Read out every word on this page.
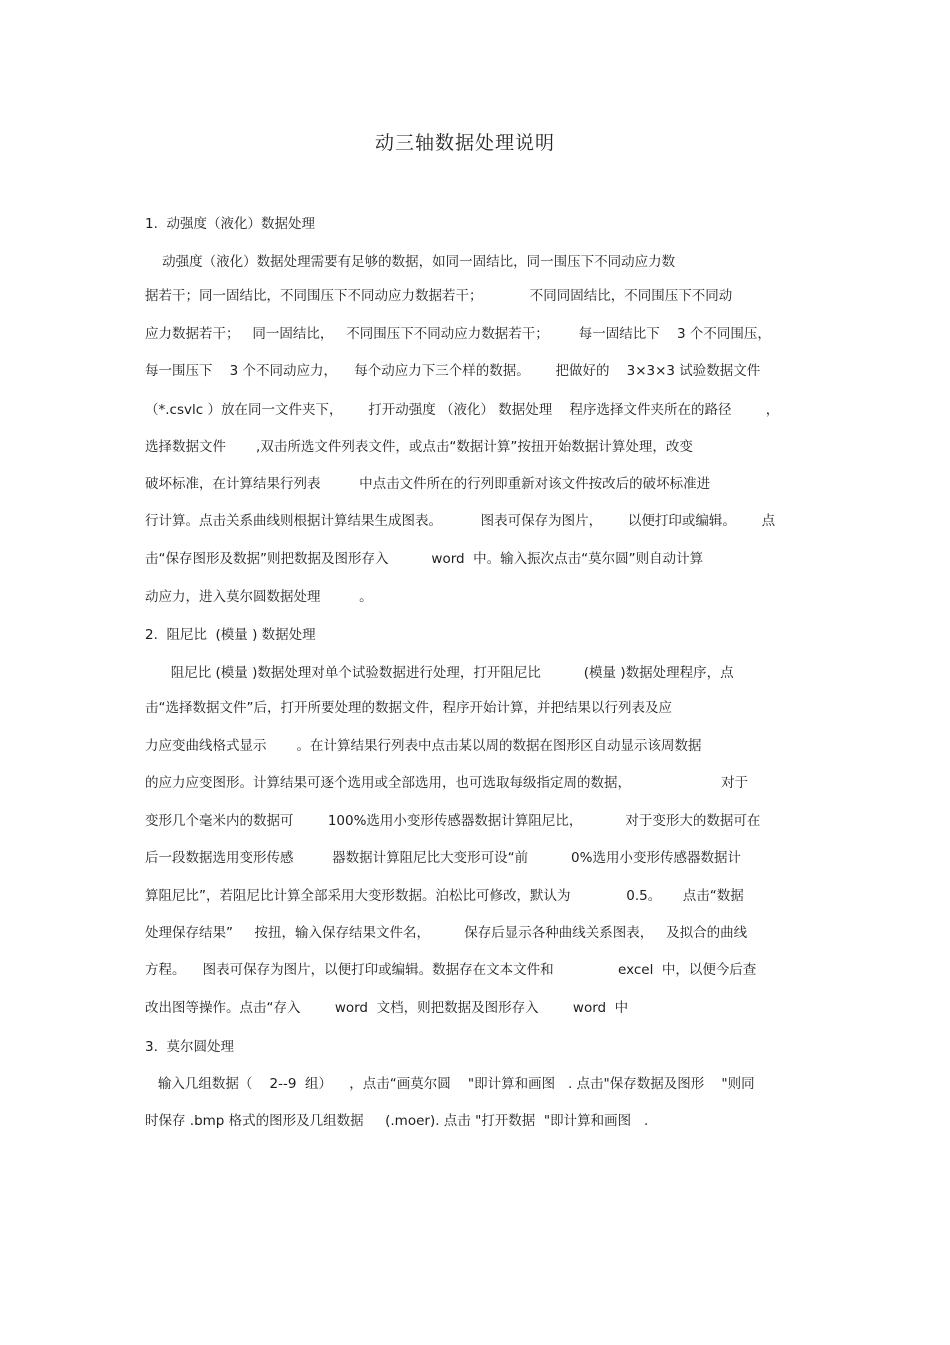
动三轴数据处理说明
1.  动强度（液化）数据处理
动强度（液化）数据处理需要有足够的数据，如同一固结比，同一围压下不同动应力数
据若干；同一固结比，不同围压下不同动应力数据若干；           不同同固结比，不同围压下不同动
应力数据若干；   同一固结比，   不同围压下不同动应力数据若干；       每一固结比下    3 个不同围压，
每一围压下    3 个不同动应力，    每个动应力下三个样的数据。      把做好的    3×3×3 试验数据文件
（*.csvlc ）放在同一文件夹下，      打开动强度 （液化） 数据处理    程序选择文件夹所在的路径        ，
选择数据文件       ,双击所选文件列表文件，或点击“数据计算”按扭开始数据计算处理，改变
破坏标准，在计算结果行列表         中点击文件所在的行列即重新对该文件按改后的破坏标准进
行计算。点击关系曲线则根据计算结果生成图表。         图表可保存为图片，      以便打印或编辑。      点
击“保存图形及数据”则把数据及图形存入          word  中。输入振次点击“莫尔圆”则自动计算
动应力，进入莫尔圆数据处理         。
2.  阻尼比  (模量 ) 数据处理
阻尼比 (模量 )数据处理对单个试验数据进行处理，打开阻尼比          (模量 )数据处理程序，点
击“选择数据文件”后，打开所要处理的数据文件，程序开始计算，并把结果以行列表及应
力应变曲线格式显示       。在计算结果行列表中点击某以周的数据在图形区自动显示该周数据
的应力应变图形。计算结果可逐个选用或全部选用，也可选取每级指定周的数据，                     对于
变形几个毫米内的数据可        100%选用小变形传感器数据计算阻尼比，          对于变形大的数据可在
后一段数据选用变形传感         器数据计算阻尼比大变形可设“前          0%选用小变形传感器数据计
算阻尼比”，若阻尼比计算全部采用大变形数据。泊松比可修改，默认为             0.5。     点击“数据
处理保存结果”     按扭，输入保存结果文件名，        保存后显示各种曲线关系图表，   及拟合的曲线
方程。    图表可保存为图片，以便打印或编辑。数据存在文本文件和               excel  中，以便今后查
改出图等操作。点击“存入        word  文档，则把数据及图形存入        word  中
3.  莫尔圆处理
输入几组数据（    2--9  组）    ，点击“画莫尔圆    "即计算和画图   . 点击"保存数据及图形    "则同
时保存 .bmp 格式的图形及几组数据     (.moer). 点击 "打开数据  "即计算和画图   .
